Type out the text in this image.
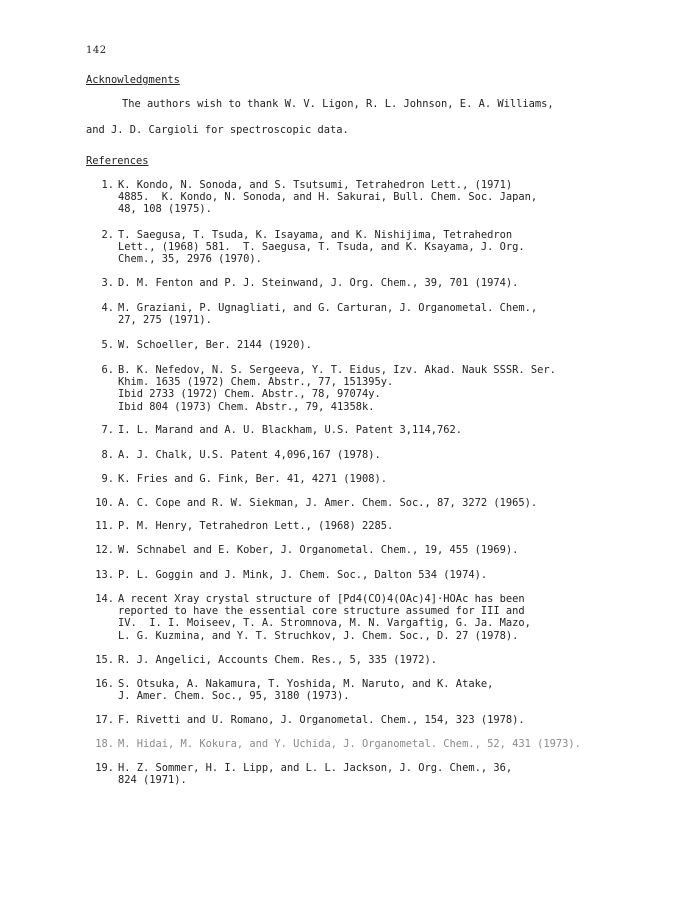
142
Acknowledgments
The authors wish to thank W. V. Ligon, R. L. Johnson, E. A. Williams,
and J. D. Cargioli for spectroscopic data.
References
1. K. Kondo, N. Sonoda, and S. Tsutsumi, Tetrahedron Lett., (1971)
4885.  K. Kondo, N. Sonoda, and H. Sakurai, Bull. Chem. Soc. Japan,
48, 108 (1975).
2. T. Saegusa, T. Tsuda, K. Isayama, and K. Nishijima, Tetrahedron
Lett., (1968) 581.  T. Saegusa, T. Tsuda, and K. Ksayama, J. Org.
Chem., 35, 2976 (1970).
3. D. M. Fenton and P. J. Steinwand, J. Org. Chem., 39, 701 (1974).
4. M. Graziani, P. Ugnagliati, and G. Carturan, J. Organometal. Chem.,
27, 275 (1971).
5. W. Schoeller, Ber. 2144 (1920).
6. B. K. Nefedov, N. S. Sergeeva, Y. T. Eidus, Izv. Akad. Nauk SSSR. Ser.
Khim. 1635 (1972) Chem. Abstr., 77, 151395y.
Ibid 2733 (1972) Chem. Abstr., 78, 97074y.
Ibid 804 (1973) Chem. Abstr., 79, 41358k.
7. I. L. Marand and A. U. Blackham, U.S. Patent 3,114,762.
8. A. J. Chalk, U.S. Patent 4,096,167 (1978).
9. K. Fries and G. Fink, Ber. 41, 4271 (1908).
10. A. C. Cope and R. W. Siekman, J. Amer. Chem. Soc., 87, 3272 (1965).
11. P. M. Henry, Tetrahedron Lett., (1968) 2285.
12. W. Schnabel and E. Kober, J. Organometal. Chem., 19, 455 (1969).
13. P. L. Goggin and J. Mink, J. Chem. Soc., Dalton 534 (1974).
14. A recent Xray crystal structure of [Pd4(CO)4(OAc)4]·HOAc has been
reported to have the essential core structure assumed for III and
IV.  I. I. Moiseev, T. A. Stromnova, M. N. Vargaftig, G. Ja. Mazo,
L. G. Kuzmina, and Y. T. Struchkov, J. Chem. Soc., D. 27 (1978).
15. R. J. Angelici, Accounts Chem. Res., 5, 335 (1972).
16. S. Otsuka, A. Nakamura, T. Yoshida, M. Naruto, and K. Atake,
J. Amer. Chem. Soc., 95, 3180 (1973).
17. F. Rivetti and U. Romano, J. Organometal. Chem., 154, 323 (1978).
18. M. Hidai, M. Kokura, and Y. Uchida, J. Organometal. Chem., 52, 431 (1973).
19. H. Z. Sommer, H. I. Lipp, and L. L. Jackson, J. Org. Chem., 36,
824 (1971).
